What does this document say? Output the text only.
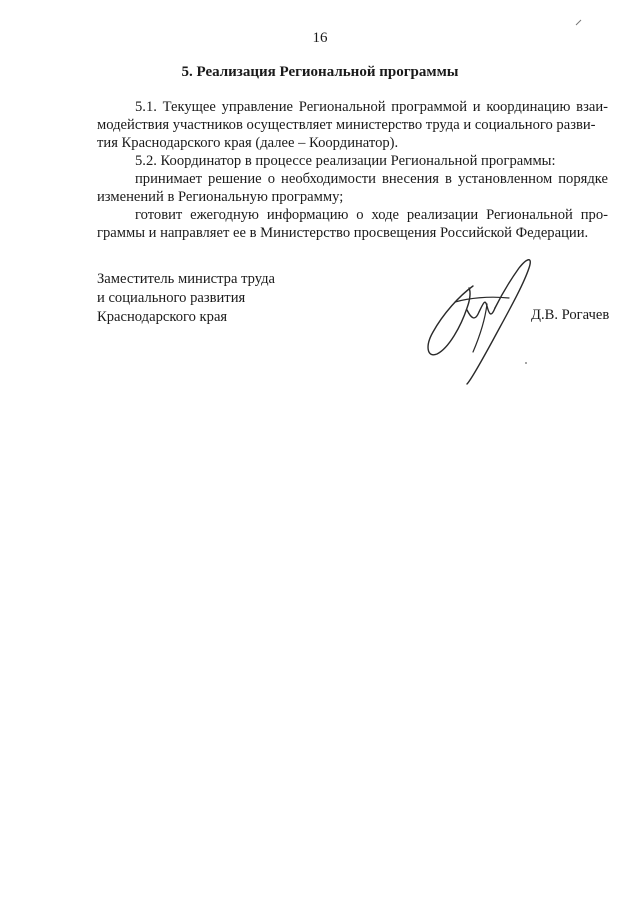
16
5. Реализация Региональной программы

5.1. Текущее управление Региональной программой и координацию взаи-
модействия участников осуществляет министерство труда и социального разви-
тия Краснодарского края (далее – Координатор).

5.2. Координатор в процессе реализации Региональной программы:

принимает решение о необходимости внесения в установленном порядке
изменений в Региональную программу;

готовит ежегодную информацию о ходе реализации Региональной про-
граммы и направляет ее в Министерство просвещения Российской Федерации.

Заместитель министра труда
и социального развития
Краснодарского края	Д.В. Рогачев
